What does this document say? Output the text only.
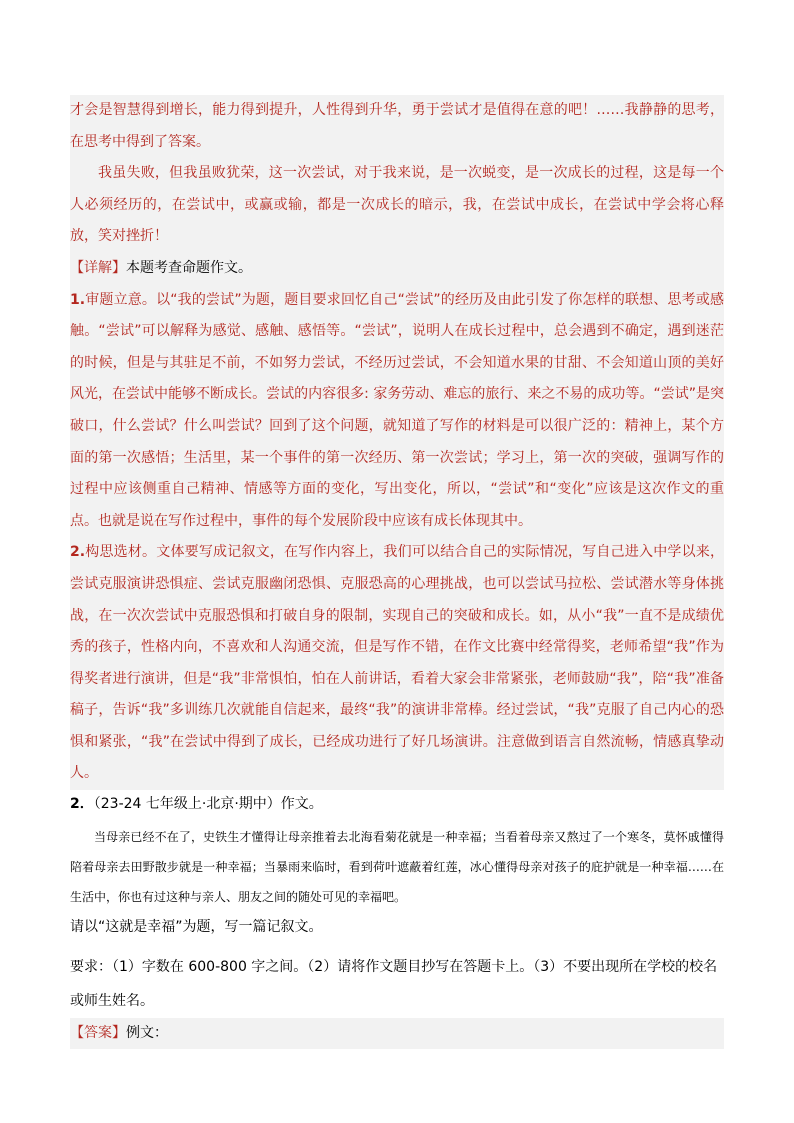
才会是智慧得到增长，能力得到提升，人性得到升华，勇于尝试才是值得在意的吧！……我静静的思考，在思考中得到了答案。

我虽失败，但我虽败犹荣，这一次尝试，对于我来说，是一次蜕变，是一次成长的过程，这是每一个人必须经历的，在尝试中，或赢或输，都是一次成长的暗示，我，在尝试中成长，在尝试中学会将心释放，笑对挫折！

【详解】本题考查命题作文。

1.审题立意。以“我的尝试”为题，题目要求回忆自己“尝试”的经历及由此引发了你怎样的联想、思考或感触。“尝试”可以解释为感觉、感触、感悟等。“尝试”，说明人在成长过程中，总会遇到不确定，遇到迷茫的时候，但是与其驻足不前，不如努力尝试，不经历过尝试，不会知道水果的甘甜、不会知道山顶的美好风光，在尝试中能够不断成长。尝试的内容很多: 家务劳动、难忘的旅行、来之不易的成功等。“尝试”是突破口，什么尝试？什么叫尝试？回到了这个问题，就知道了写作的材料是可以很广泛的：精神上，某个方面的第一次感悟；生活里，某一个事件的第一次经历、第一次尝试；学习上，第一次的突破，强调写作的过程中应该侧重自己精神、情感等方面的变化，写出变化，所以，“尝试”和“变化”应该是这次作文的重点。也就是说在写作过程中，事件的每个发展阶段中应该有成长体现其中。

2.构思选材。文体要写成记叙文，在写作内容上，我们可以结合自己的实际情况，写自己进入中学以来，尝试克服演讲恐惧症、尝试克服幽闭恐惧、克服恐高的心理挑战，也可以尝试马拉松、尝试潜水等身体挑战，在一次次尝试中克服恐惧和打破自身的限制，实现自己的突破和成长。如，从小“我”一直不是成绩优秀的孩子，性格内向，不喜欢和人沟通交流，但是写作不错，在作文比赛中经常得奖，老师希望“我”作为得奖者进行演讲，但是“我”非常惧怕，怕在人前讲话，看着大家会非常紧张，老师鼓励“我”，陪“我”准备稿子，告诉“我”多训练几次就能自信起来，最终“我”的演讲非常棒。经过尝试，“我”克服了自己内心的恐惧和紧张，“我”在尝试中得到了成长，已经成功进行了好几场演讲。注意做到语言自然流畅，情感真挚动人。

2．（23-24 七年级上·北京·期中）作文。

当母亲已经不在了，史铁生才懂得让母亲推着去北海看菊花就是一种幸福；当看着母亲又熬过了一个寒冬，莫怀戚懂得陪着母亲去田野散步就是一种幸福；当暴雨来临时，看到荷叶遮蔽着红莲，冰心懂得母亲对孩子的庇护就是一种幸福……在生活中，你也有过这种与亲人、朋友之间的随处可见的幸福吧。

请以“这就是幸福”为题，写一篇记叙文。

要求：（1）字数在 600-800 字之间。（2）请将作文题目抄写在答题卡上。（3）不要出现所在学校的校名或师生姓名。

【答案】例文：
